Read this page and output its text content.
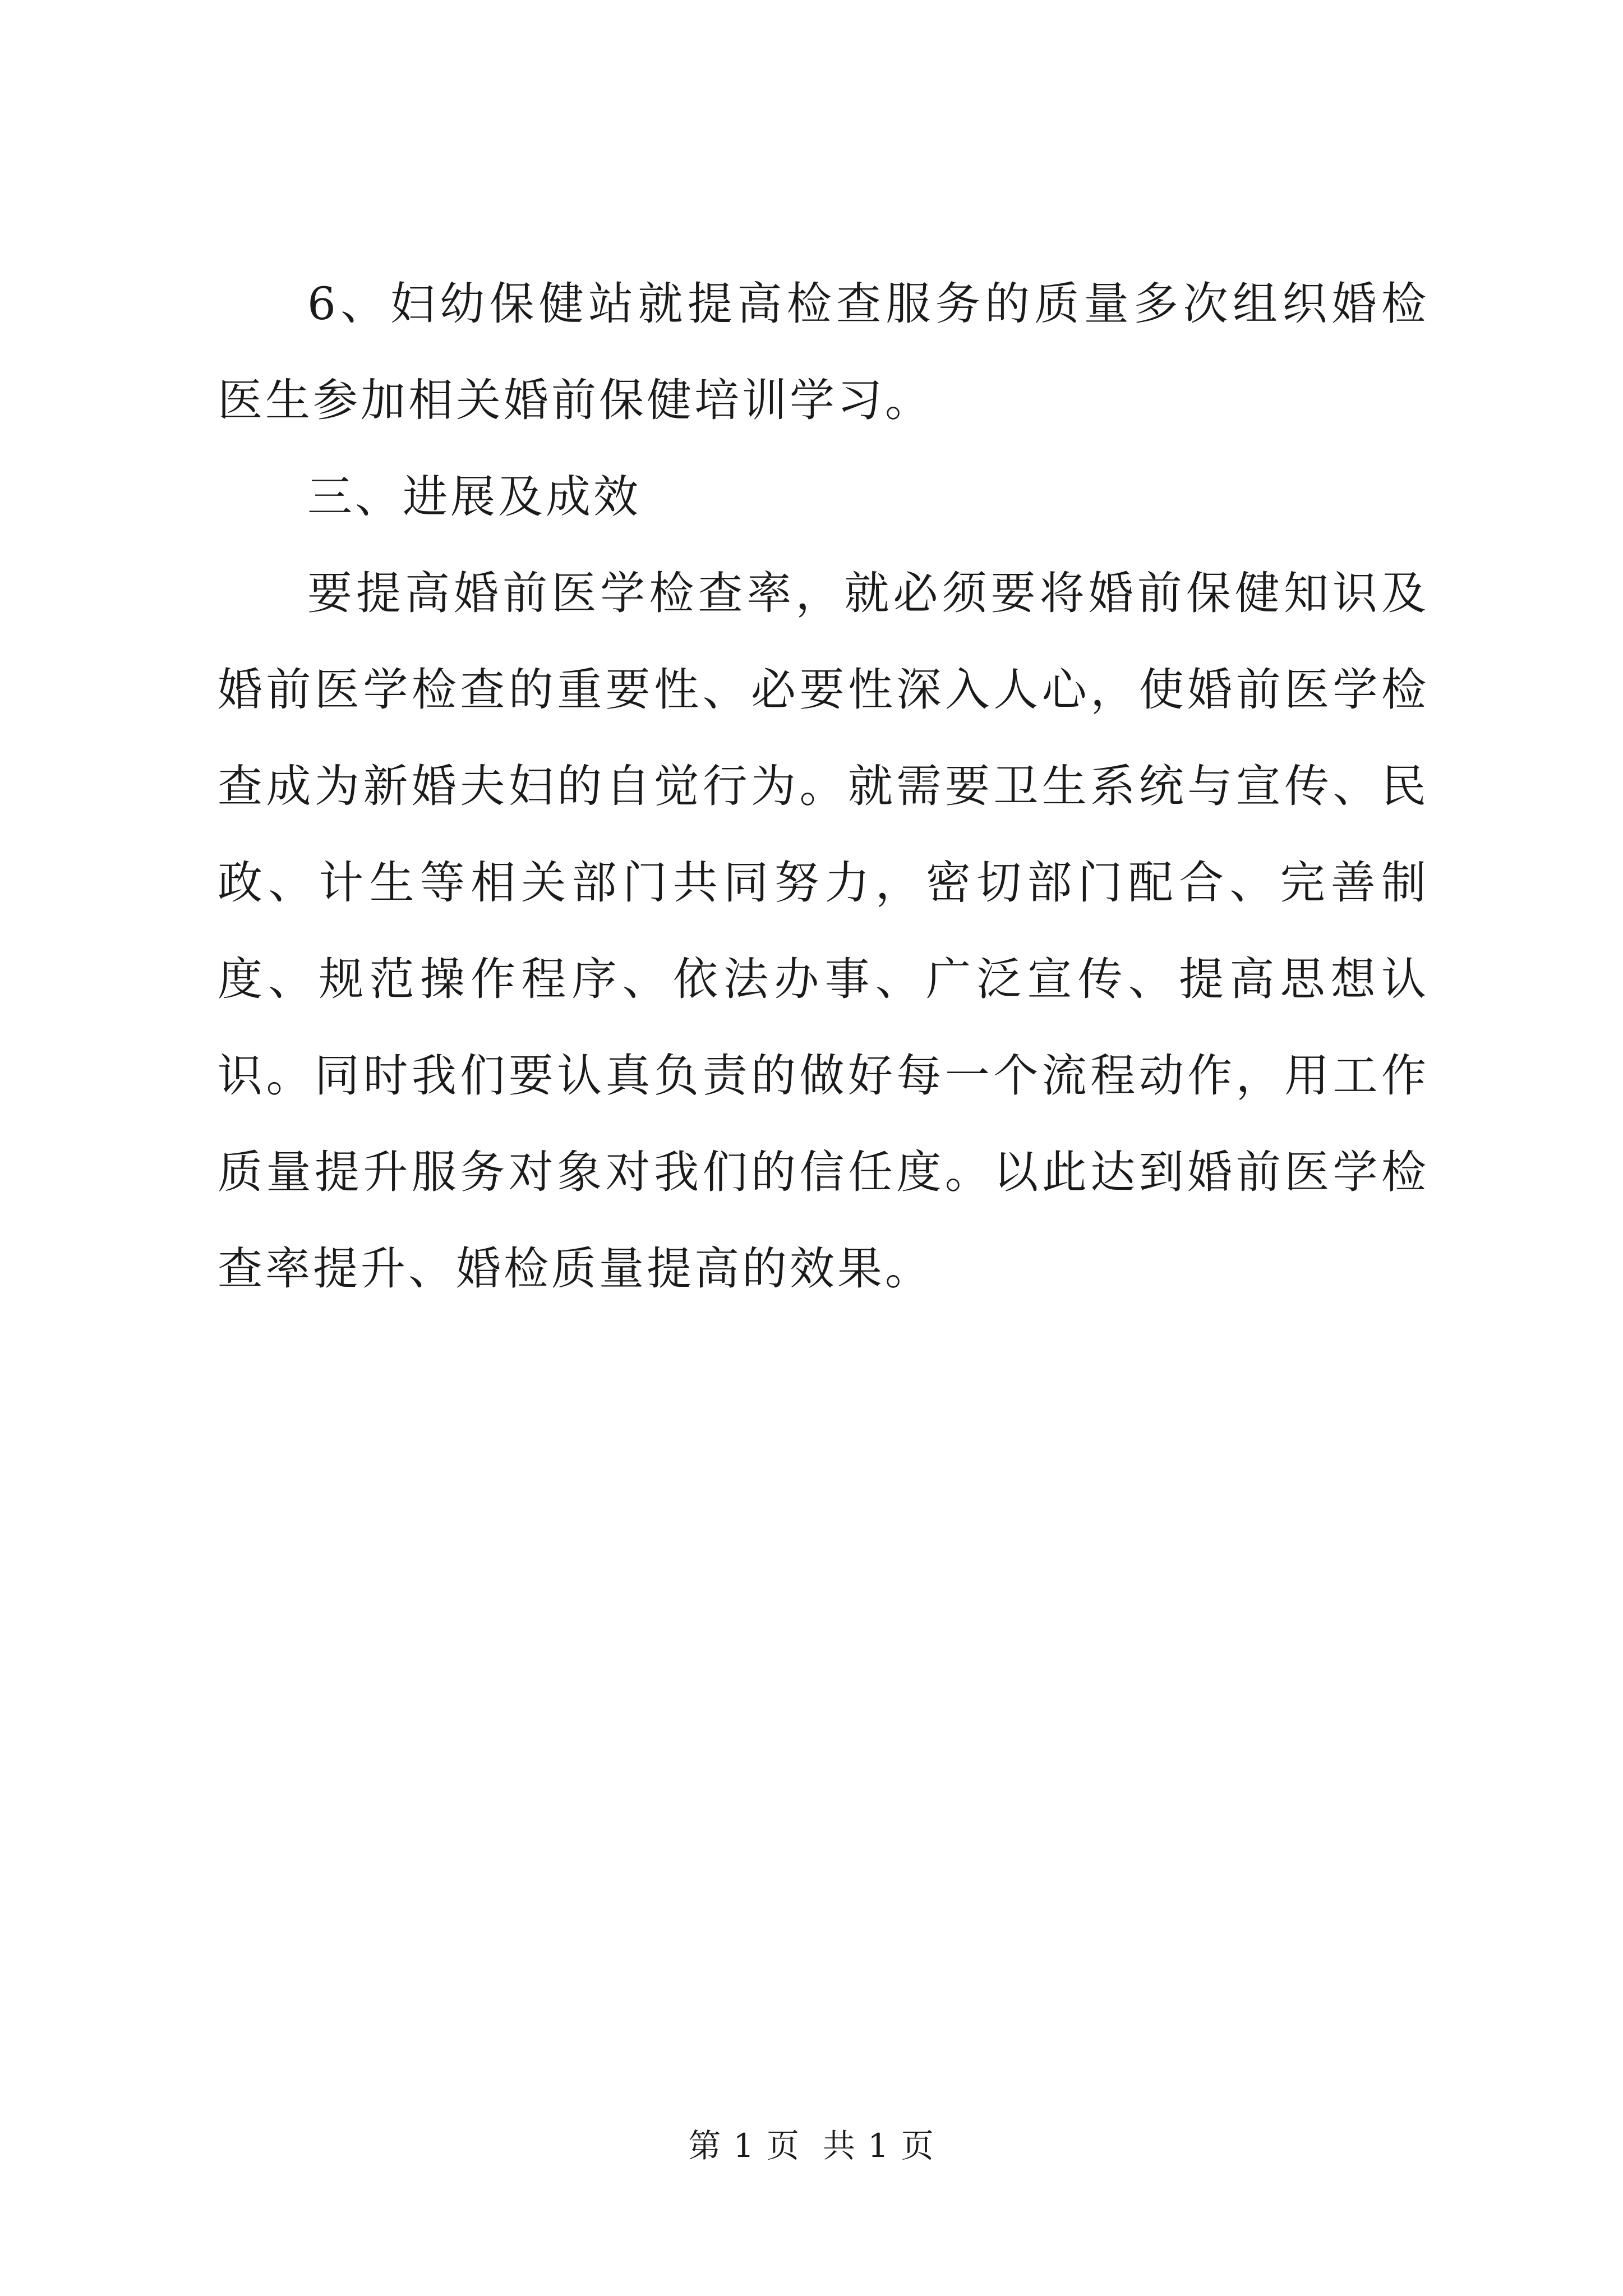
6、妇幼保健站就提高检查服务的质量多次组织婚检医生参加相关婚前保健培训学习。

三、进展及成效

要提高婚前医学检查率，就必须要将婚前保健知识及婚前医学检查的重要性、必要性深入人心，使婚前医学检查成为新婚夫妇的自觉行为。就需要卫生系统与宣传、民政、计生等相关部门共同努力，密切部门配合、完善制度、规范操作程序、依法办事、广泛宣传、提高思想认识。同时我们要认真负责的做好每一个流程动作，用工作质量提升服务对象对我们的信任度。以此达到婚前医学检查率提升、婚检质量提高的效果。

第 1 页 共 1 页
